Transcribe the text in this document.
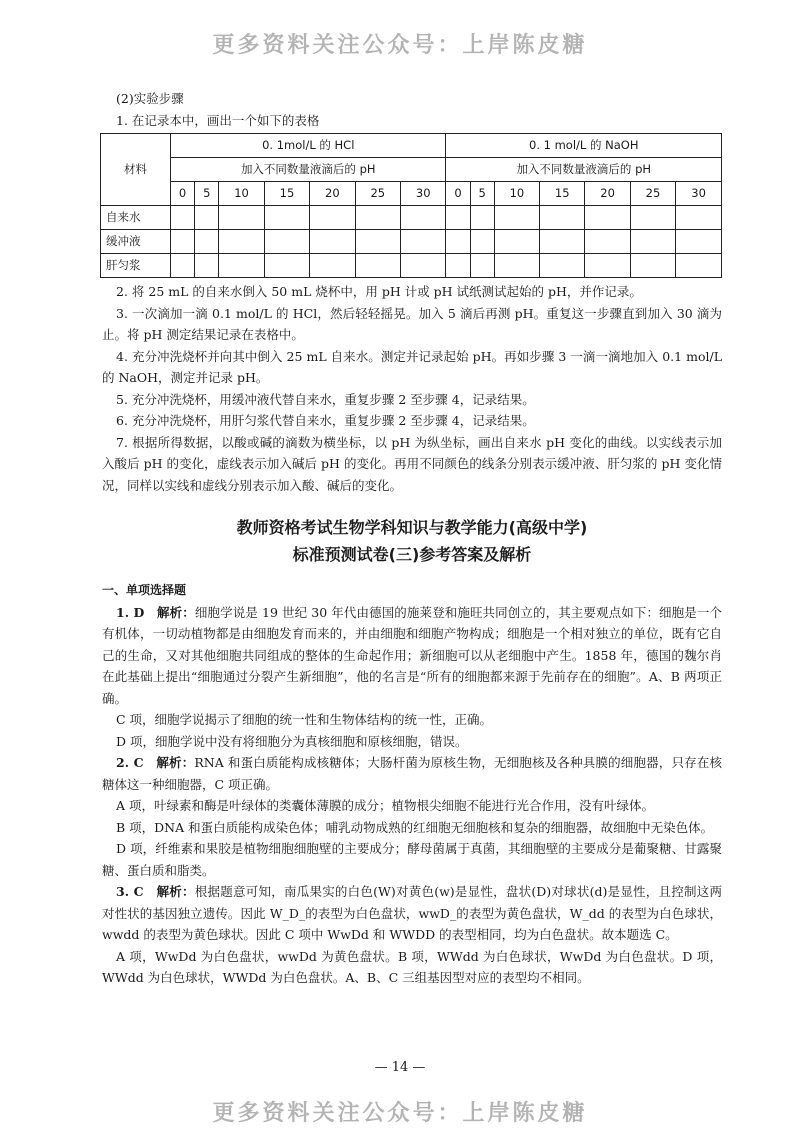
更多资料关注公众号：上岸陈皮糖

(2)实验步骤

1. 在记录本中，画出一个如下的表格

材料	0. 1mol/L 的 HCl							0. 1 mol/L 的 NaOH						
	加入不同数量液滴后的 pH							加入不同数量液滴后的 pH						
	0	5	10	15	20	25	30	0	5	10	15	20	25	30
自来水														
缓冲液														
肝匀浆														

2. 将 25 mL 的自来水倒入 50 mL 烧杯中，用 pH 计或 pH 试纸测试起始的 pH，并作记录。

3. 一次滴加一滴 0.1 mol/L 的 HCl，然后轻轻摇晃。加入 5 滴后再测 pH。重复这一步骤直到加入 30 滴为止。将 pH 测定结果记录在表格中。

4. 充分冲洗烧杯并向其中倒入 25 mL 自来水。测定并记录起始 pH。再如步骤 3 一滴一滴地加入 0.1 mol/L 的 NaOH，测定并记录 pH。

5. 充分冲洗烧杯，用缓冲液代替自来水，重复步骤 2 至步骤 4，记录结果。

6. 充分冲洗烧杯，用肝匀浆代替自来水，重复步骤 2 至步骤 4，记录结果。

7. 根据所得数据，以酸或碱的滴数为横坐标，以 pH 为纵坐标，画出自来水 pH 变化的曲线。以实线表示加入酸后 pH 的变化，虚线表示加入碱后 pH 的变化。再用不同颜色的线条分别表示缓冲液、肝匀浆的 pH 变化情况，同样以实线和虚线分别表示加入酸、碱后的变化。

教师资格考试生物学科知识与教学能力(高级中学)

标准预测试卷(三)参考答案及解析

一、单项选择题

1. D　解析：细胞学说是 19 世纪 30 年代由德国的施莱登和施旺共同创立的，其主要观点如下：细胞是一个有机体，一切动植物都是由细胞发育而来的，并由细胞和细胞产物构成；细胞是一个相对独立的单位，既有它自己的生命，又对其他细胞共同组成的整体的生命起作用；新细胞可以从老细胞中产生。1858 年，德国的魏尔肖在此基础上提出“细胞通过分裂产生新细胞”，他的名言是“所有的细胞都来源于先前存在的细胞”。A、B 两项正确。

C 项，细胞学说揭示了细胞的统一性和生物体结构的统一性，正确。

D 项，细胞学说中没有将细胞分为真核细胞和原核细胞，错误。

2. C　解析：RNA 和蛋白质能构成核糖体；大肠杆菌为原核生物，无细胞核及各种具膜的细胞器，只存在核糖体这一种细胞器，C 项正确。

A 项，叶绿素和酶是叶绿体的类囊体薄膜的成分；植物根尖细胞不能进行光合作用，没有叶绿体。

B 项，DNA 和蛋白质能构成染色体；哺乳动物成熟的红细胞无细胞核和复杂的细胞器，故细胞中无染色体。

D 项，纤维素和果胶是植物细胞细胞壁的主要成分；酵母菌属于真菌，其细胞壁的主要成分是葡聚糖、甘露聚糖、蛋白质和脂类。

3. C　解析：根据题意可知，南瓜果实的白色(W)对黄色(w)是显性，盘状(D)对球状(d)是显性，且控制这两对性状的基因独立遗传。因此 W_D_的表型为白色盘状，wwD_的表型为黄色盘状，W_dd 的表型为白色球状，wwdd 的表型为黄色球状。因此 C 项中 WwDd 和 WWDD 的表型相同，均为白色盘状。故本题选 C。

A 项，WwDd 为白色盘状，wwDd 为黄色盘状。B 项，WWdd 为白色球状，WwDd 为白色盘状。D 项，WWdd 为白色球状，WWDd 为白色盘状。A、B、C 三组基因型对应的表型均不相同。

— 14 —
更多资料关注公众号：上岸陈皮糖
